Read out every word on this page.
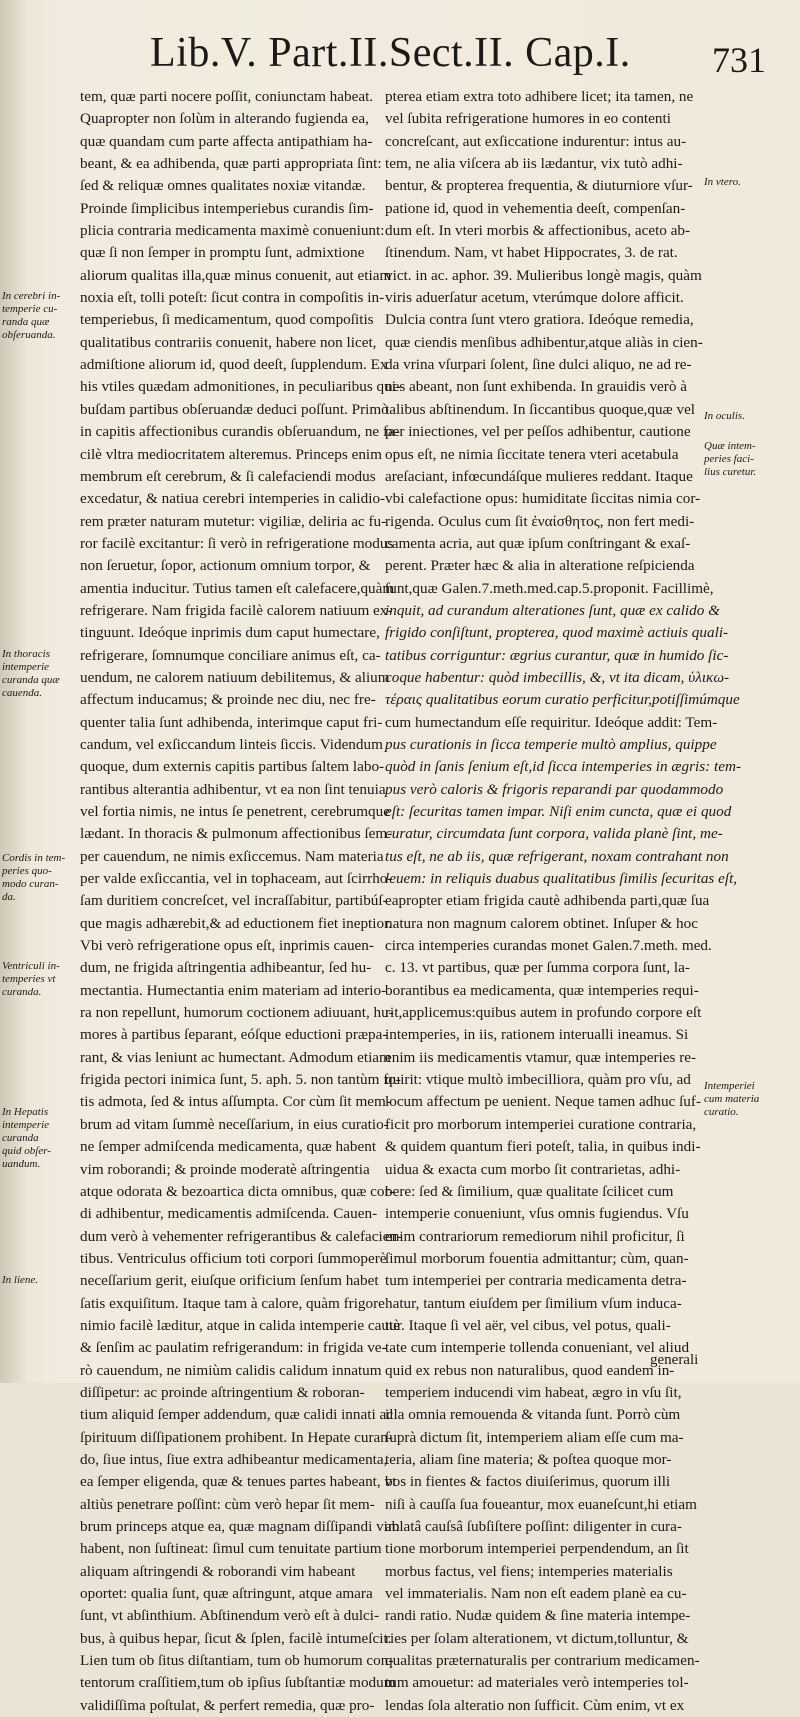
Lib.V. Part.II.Sect.II. Cap.I.	731
tem, quæ parti nocere poſſit, coniunctam habeat.
Quapropter non ſolùm in alterando fugienda ea,
quæ quandam cum parte affecta antipathiam ha-
beant, & ea adhibenda, quæ parti appropriata ſint:
ſed & reliquæ omnes qualitates noxiæ vitandæ.
Proinde ſimplicibus intemperiebus curandis ſim-
plicia contraria medicamenta maximè conueniunt:
quæ ſi non ſemper in promptu ſunt, admixtione
aliorum qualitas illa,quæ minus conuenit, aut etiam
noxia eſt, tolli poteſt: ſicut contra in compoſitis in-
temperiebus, ſi medicamentum, quod compoſitis
qualitatibus contrariis conuenit, habere non licet,
admiſtione aliorum id, quod deeſt, ſupplendum. Ex
his vtiles quædam admonitiones, in peculiaribus qui-
buſdam partibus obſeruandæ deduci poſſunt. Primò
in capitis affectionibus curandis obſeruandum, ne fa-
cilè vltra mediocritatem alteremus. Princeps enim
membrum eſt cerebrum, & ſi calefaciendi modus
excedatur, & natiua cerebri intemperies in calidio-
rem præter naturam mutetur: vigiliæ, deliria ac fu-
ror facilè excitantur: ſi verò in refrigeratione modus
non ſeruetur, ſopor, actionum omnium torpor, &
amentia inducitur. Tutius tamen eſt calefacere,quàm
refrigerare. Nam frigida facilè calorem natiuum ex-
tinguunt. Ideóque inprimis dum caput humectare,
refrigerare, ſomnumque conciliare animus eſt, ca-
uendum, ne calorem natiuum debilitemus, & alium
affectum inducamus; & proinde nec diu, nec fre-
quenter talia ſunt adhibenda, interimque caput fri-
candum, vel exſiccandum linteis ſiccis. Videndum
quoque, dum externis capitis partibus ſaltem labo-
rantibus alterantia adhibentur, vt ea non ſint tenuia
vel fortia nimis, ne intus ſe penetrent, cerebrumque
lædant. In thoracis & pulmonum affectionibus ſem-
per cauendum, ne nimis exſiccemus. Nam materia
per valde exſiccantia, vel in tophaceam, aut ſcirrho-
ſam duritiem concreſcet, vel incraſſabitur, partibúſ-
que magis adhærebit,& ad eductionem fiet ineptior.
Vbi verò refrigeratione opus eſt, inprimis cauen-
dum, ne frigida aſtringentia adhibeantur, ſed hu-
mectantia. Humectantia enim materiam ad interio-
ra non repellunt, humorum coctionem adiuuant, hu-
mores à partibus ſeparant, eóſque eductioni præpa-
rant, & vias leniunt ac humectant. Admodum etiam
frigida pectori inimica ſunt, 5. aph. 5. non tantùm fo-
tis admota, ſed & intus aſſumpta. Cor cùm ſit mem-
brum ad vitam ſummè neceſſarium, in eius curatio-
ne ſemper admiſcenda medicamenta, quæ habent
vim roborandi; & proinde moderatè aſtringentia
atque odorata & bezoartica dicta omnibus, quæ cor-
di adhibentur, medicamentis admiſcenda. Cauen-
dum verò à vehementer refrigerantibus & calefacien-
tibus. Ventriculus officium toti corpori ſummoperè
neceſſarium gerit, eiuſque orificium ſenſum habet
ſatis exquiſitum. Itaque tam à calore, quàm frigore
nimio facilè læditur, atque in calida intemperie cautè
& ſenſim ac paulatim refrigerandum: in frigida ve-
rò cauendum, ne nimiùm calidis calidum innatum
diſſipetur: ac proinde aſtringentium & roboran-
tium aliquid ſemper addendum, quæ calidi innati ac
ſpirituum diſſipationem prohibent. In Hepate curan-
do, ſiue intus, ſiue extra adhibeantur medicamenta,
ea ſemper eligenda, quæ & tenues partes habeant, vt
altiùs penetrare poſſint: cùm verò hepar ſit mem-
brum princeps atque ea, quæ magnam diſſipandi vim
habent, non ſuſtineat: ſimul cum tenuitate partium
aliquam aſtringendi & roborandi vim habeant
oportet: qualia ſunt, quæ aſtringunt, atque amara
ſunt, vt abſinthium. Abſtinendum verò eſt à dulci-
bus, à quibus hepar, ſicut & ſplen, facilè intumeſcit.
Lien tum ob ſitus diſtantiam, tum ob humorum con-
tentorum craſſitiem,tum ob ipſius ſubſtantiæ modum
validiſſima poſtulat, & perfert remedia, quæ pro-
pterea etiam extra toto adhibere licet; ita tamen, ne
vel ſubita refrigeratione humores in eo contenti
concreſcant, aut exſiccatione indurentur: intus au-
tem, ne alia viſcera ab iis lædantur, vix tutò adhi-
bentur, & propterea frequentia, & diuturniore vſur-
patione id, quod in vehementia deeſt, compenſan-
dum eſt. In vteri morbis & affectionibus, aceto ab-
ſtinendum. Nam, vt habet Hippocrates, 3. de rat.
vict. in ac. aphor. 39. Mulieribus longè magis, quàm
viris aduerſatur acetum, vterúmque dolore afficit.
Dulcia contra ſunt vtero gratiora. Ideóque remedia,
quæ ciendis menſibus adhibentur,atque aliàs in cien-
da vrina vſurpari ſolent, ſine dulci aliquo, ne ad re-
nes abeant, non ſunt exhibenda. In grauidis verò à
talibus abſtinendum. In ſiccantibus quoque,quæ vel
per iniectiones, vel per peſſos adhibentur, cautione
opus eſt, ne nimia ſiccitate tenera vteri acetabula
areſaciant, infœcundáſque mulieres reddant. Itaque
vbi calefactione opus: humiditate ſiccitas nimia cor-
rigenda. Oculus cum ſit ἐναίσθητος, non fert medi-
camenta acria, aut quæ ipſum conſtringant & exaſ-
perent. Præter hæc & alia in alteratione reſpicienda
ſunt,quæ Galen.7.meth.med.cap.5.proponit. Facillimè,
inquit, ad curandum alterationes ſunt, quæ ex calido &
frigido conſiſtunt, propterea, quod maximè actiuis quali-
tatibus corriguntur: ægrius curantur, quæ in humido ſic-
coque habentur: quòd imbecillis, &, vt ita dicam, ὑλικω-
τέραις qualitatibus eorum curatio perficitur,potiſſimúmque
cum humectandum eſſe requiritur. Ideóque addit: Tem-
pus curationis in ſicca temperie multò amplius, quippe
quòd in ſanis ſenium eſt,id ſicca intemperies in ægris: tem-
pus verò caloris & frigoris reparandi par quodammodo
eſt: ſecuritas tamen impar. Niſi enim cuncta, quæ ei quod
curatur, circumdata ſunt corpora, valida planè ſint, me-
tus eſt, ne ab iis, quæ refrigerant, noxam contrahant non
leuem: in reliquis duabus qualitatibus ſimilis ſecuritas eſt,
eapropter etiam frigida cautè adhibenda parti,quæ ſua
natura non magnum calorem obtinet. Inſuper & hoc
circa intemperies curandas monet Galen.7.meth. med.
c. 13. vt partibus, quæ per ſumma corpora ſunt, la-
borantibus ea medicamenta, quæ intemperies requi-
rit,applicemus:quibus autem in profundo corpore eſt
intemperies, in iis, rationem interualli ineamus. Si
enim iis medicamentis vtamur, quæ intemperies re-
quirit: vtique multò imbecilliora, quàm pro vſu, ad
locum affectum pe uenient. Neque tamen adhuc ſuf-
ficit pro morborum intemperiei curatione contraria,
& quidem quantum fieri poteſt, talia, in quibus indi-
uidua & exacta cum morbo ſit contrarietas, adhi-
bere: ſed & ſimilium, quæ qualitate ſcilicet cum
intemperie conueniunt, vſus omnis fugiendus. Vſu
enim contrariorum remediorum nihil proficitur, ſi
ſimul morborum fouentia admittantur; cùm, quan-
tum intemperiei per contraria medicamenta detra-
hatur, tantum eiuſdem per ſimilium vſum induca-
tur. Itaque ſi vel aër, vel cibus, vel potus, quali-
tate cum intemperie tollenda conueniant, vel aliud
quid ex rebus non naturalibus, quod eandem in-
temperiem inducendi vim habeat, ægro in vſu ſit,
illa omnia remouenda & vitanda ſunt. Porrò cùm
ſuprà dictum ſit, intemperiem aliam eſſe cum ma-
teria, aliam ſine materia; & poſtea quoque mor-
bos in fientes & factos diuiſerimus, quorum illi
niſi à cauſſa ſua foueantur, mox euaneſcunt,hi etiam
ablatâ cauſsâ ſubſiſtere poſſint: diligenter in cura-
tione morborum intemperiei perpendendum, an ſit
morbus factus, vel fiens; intemperies materialis
vel immaterialis. Nam non eſt eadem planè ea cu-
randi ratio. Nudæ quidem & ſine materia intempe-
ries per ſolam alterationem, vt dictum,tolluntur, &
qualitas præternaturalis per contrarium medicamen-
tum amouetur: ad materiales verò intemperies tol-
lendas ſola alteratio non ſufficit. Cùm enim, vt ex
In cerebri in-
temperie cu-
randa quæ
obſeruanda.
In thoracis
intemperie
curanda quæ
cauenda.
Cordis in tem-
peries quo-
modo curan-
da.
Ventriculi in-
temperies vt
curanda.
In Hepatis
intemperie
curanda
quid obſer-
uandum.
In liene.
In vtero.
In oculis.
Quæ intem-
peries faci-
lius curetur.
Intemperiei
cum materia
curatio.
generali
